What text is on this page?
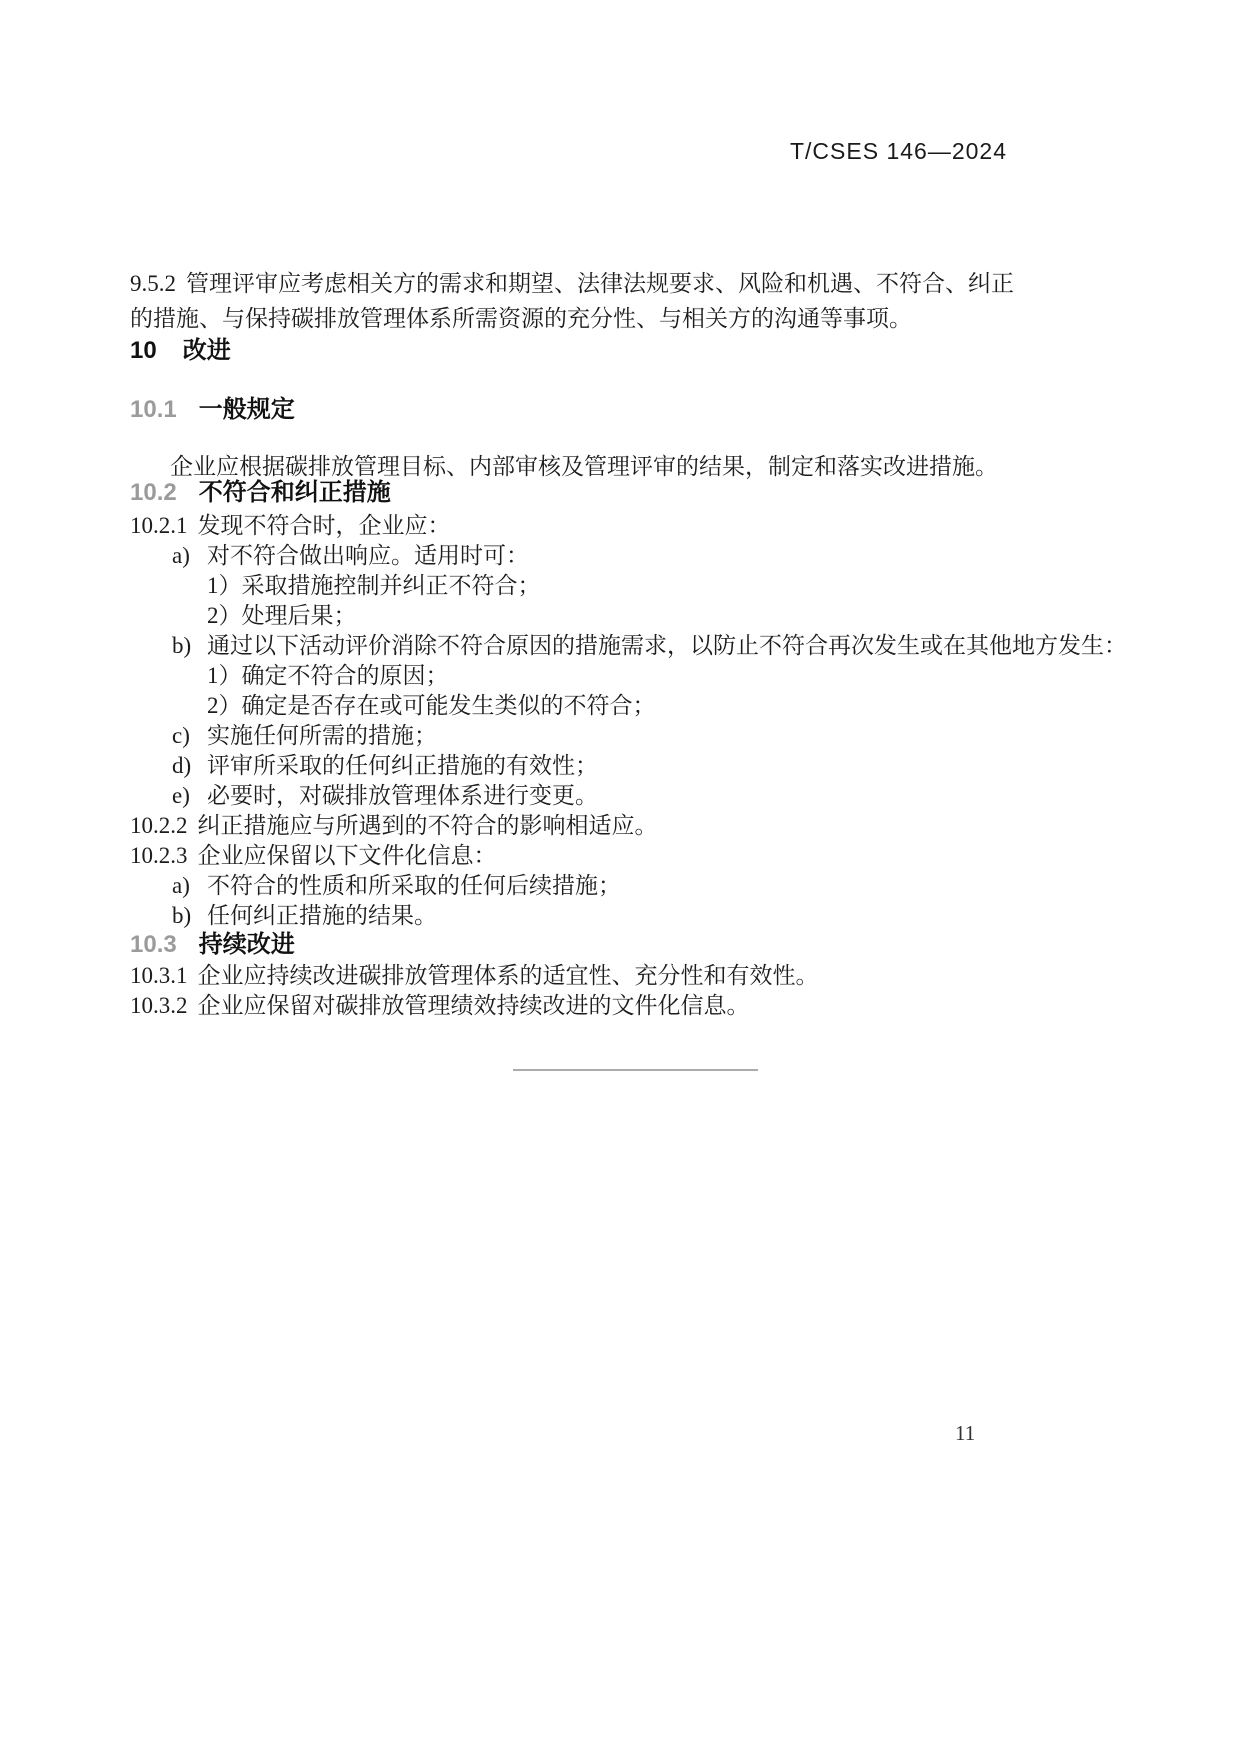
T/CSES 146—2024

9.5.2 管理评审应考虑相关方的需求和期望、法律法规要求、风险和机遇、不符合、纠正的措施、与保持碳排放管理体系所需资源的充分性、与相关方的沟通等事项。

10 改进
10.1 一般规定

企业应根据碳排放管理目标、内部审核及管理评审的结果，制定和落实改进措施。

10.2 不符合和纠正措施
10.2.1 发现不符合时，企业应：
a) 对不符合做出响应。适用时可：
1）采取措施控制并纠正不符合；
2）处理后果；
b) 通过以下活动评价消除不符合原因的措施需求，以防止不符合再次发生或在其他地方发生：
1）确定不符合的原因；
2）确定是否存在或可能发生类似的不符合；
c) 实施任何所需的措施；
d) 评审所采取的任何纠正措施的有效性；
e) 必要时，对碳排放管理体系进行变更。
10.2.2 纠正措施应与所遇到的不符合的影响相适应。
10.2.3 企业应保留以下文件化信息：
a) 不符合的性质和所采取的任何后续措施；
b) 任何纠正措施的结果。
10.3 持续改进
10.3.1 企业应持续改进碳排放管理体系的适宜性、充分性和有效性。
10.3.2 企业应保留对碳排放管理绩效持续改进的文件化信息。
11
